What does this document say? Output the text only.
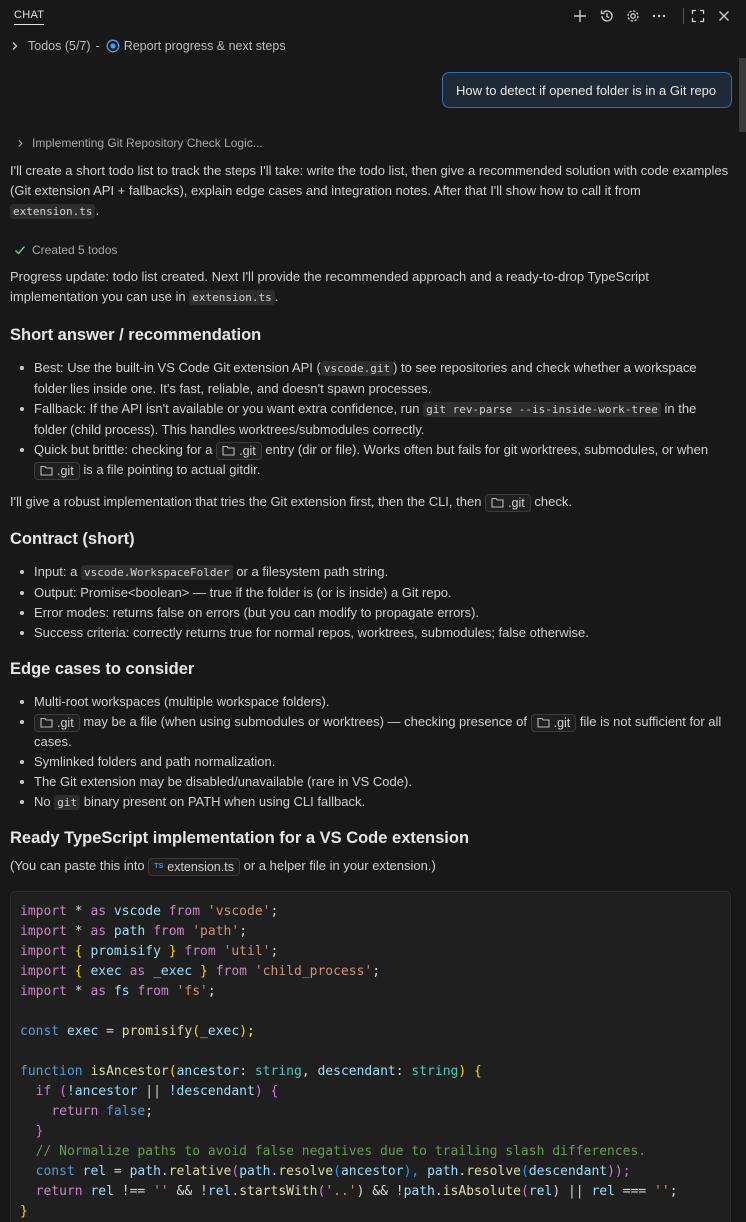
CHAT
Todos (5/7) - Report progress & next steps
How to detect if opened folder is in a Git repo
Implementing Git Repository Check Logic...

I'll create a short todo list to track the steps I'll take: write the todo list, then give a recommended solution with code examples (Git extension API + fallbacks), explain edge cases and integration notes. After that I'll show how to call it from extension.ts .

Created 5 todos

Progress update: todo list created. Next I'll provide the recommended approach and a ready-to-drop TypeScript implementation you can use in extension.ts .

Short answer / recommendation
Best: Use the built-in VS Code Git extension API ( vscode.git ) to see repositories and check whether a workspace folder lies inside one. It's fast, reliable, and doesn't spawn processes.
Fallback: If the API isn't available or you want extra confidence, run git rev-parse --is-inside-work-tree in the folder (child process). This handles worktrees/submodules correctly.
Quick but brittle: checking for a .git entry (dir or file). Works often but fails for git worktrees, submodules, or when
.git is a file pointing to actual gitdir.

I'll give a robust implementation that tries the Git extension first, then the CLI, then .git check.

Contract (short)
Input: a vscode.WorkspaceFolder or a filesystem path string.
Output: Promise<boolean> — true if the folder is (or is inside) a Git repo.
Error modes: returns false on errors (but you can modify to propagate errors).
Success criteria: correctly returns true for normal repos, worktrees, submodules; false otherwise.
Edge cases to consider
Multi-root workspaces (multiple workspace folders).
.git may be a file (when using submodules or worktrees) — checking presence of .git file is not sufficient for all cases.
Symlinked folders and path normalization.
The Git extension may be disabled/unavailable (rare in VS Code).
No git binary present on PATH when using CLI fallback.
Ready TypeScript implementation for a VS Code extension

(You can paste this into TS extension.ts or a helper file in your extension.)

import * as vscode from 'vscode';
import * as path from 'path';
import { promisify } from 'util';
import { exec as _exec } from 'child_process';
import * as fs from 'fs';
const exec = promisify(_exec);
function isAncestor(ancestor: string, descendant: string) {
if (!ancestor || !descendant) {
return false;
}
// Normalize paths to avoid false negatives due to trailing slash differences.
const rel = path.relative(path.resolve(ancestor), path.resolve(descendant));
return rel !== '' && !rel.startsWith('..') && !path.isAbsolute(rel) || rel === '';
}
